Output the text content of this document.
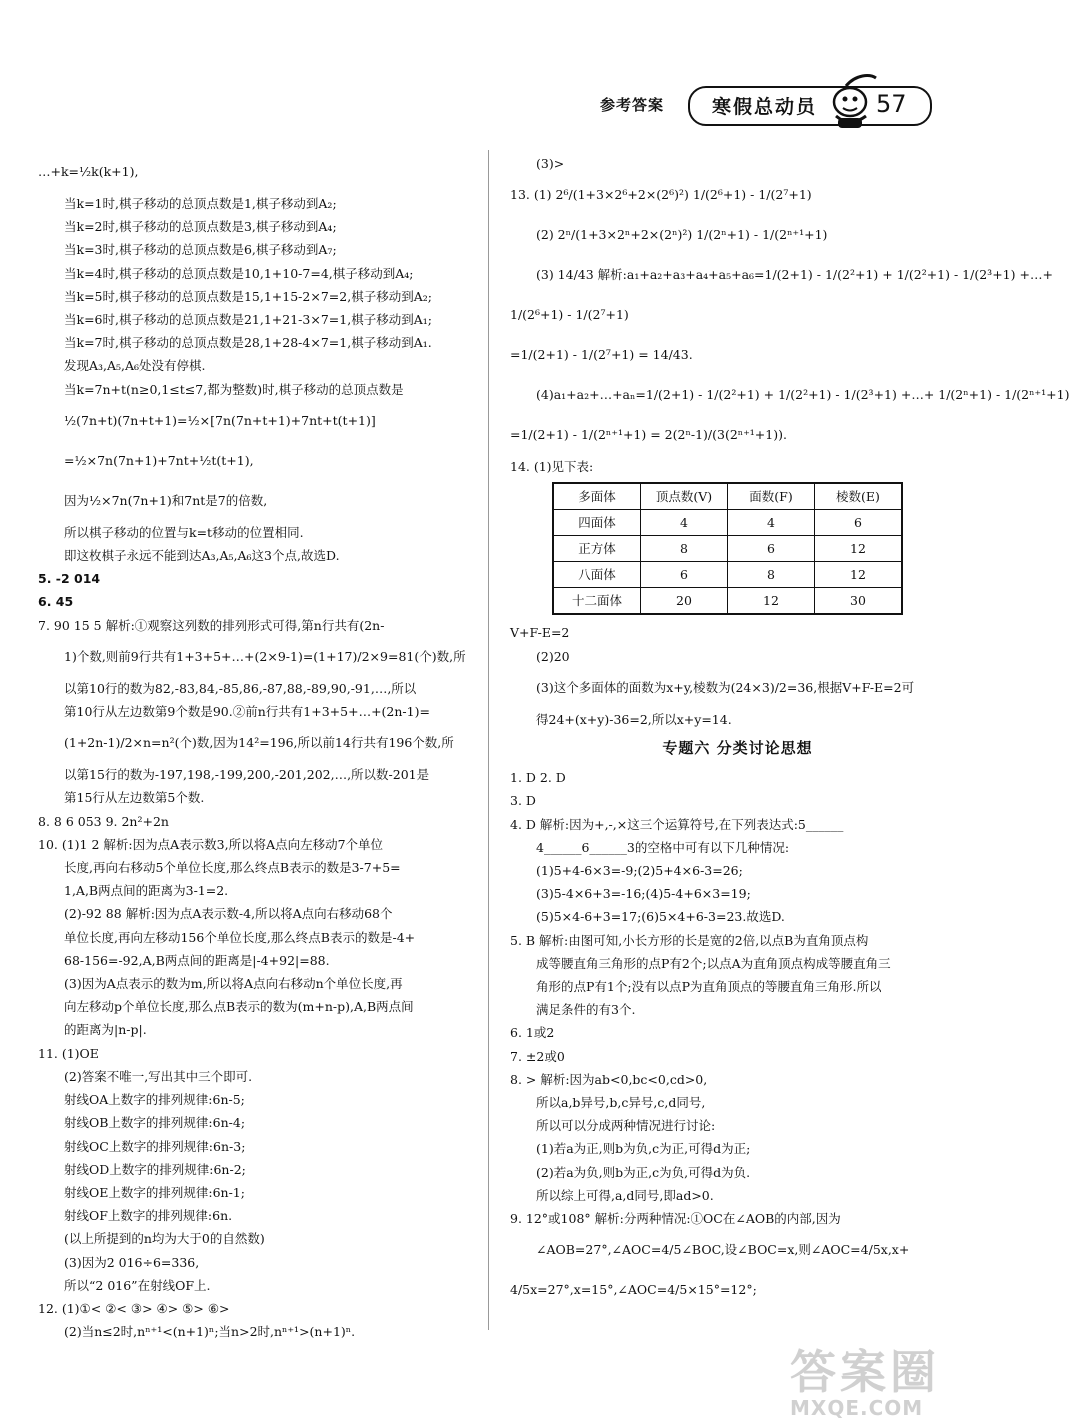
参考答案	寒假总动员 57
…+k=½k(k+1),
当k=1时,棋子移动的总顶点数是1,棋子移动到A₂;
当k=2时,棋子移动的总顶点数是3,棋子移动到A₄;
当k=3时,棋子移动的总顶点数是6,棋子移动到A₇;
当k=4时,棋子移动的总顶点数是10,1+10-7=4,棋子移动到A₄;
当k=5时,棋子移动的总顶点数是15,1+15-2×7=2,棋子移动到A₂;
当k=6时,棋子移动的总顶点数是21,1+21-3×7=1,棋子移动到A₁;
当k=7时,棋子移动的总顶点数是28,1+28-4×7=1,棋子移动到A₁.
发现A₃,A₅,A₆处没有停棋.
当k=7n+t(n≥0,1≤t≤7,都为整数)时,棋子移动的总顶点数是
½(7n+t)(7n+t+1)=½×[7n(7n+t+1)+7nt+t(t+1)]
=½×7n(7n+1)+7nt+½t(t+1),
因为½×7n(7n+1)和7nt是7的倍数,
所以棋子移动的位置与k=t移动的位置相同.
即这枚棋子永远不能到达A₃,A₅,A₆这3个点,故选D.
5. -2 014
6. 45
7. 90 15 5 解析:①观察这列数的排列形式可得,第n行共有(2n-
1)个数,则前9行共有1+3+5+…+(2×9-1)=(1+17)/2×9=81(个)数,所
以第10行的数为82,-83,84,-85,86,-87,88,-89,90,-91,…,所以
第10行从左边数第9个数是90.②前n行共有1+3+5+…+(2n-1)=
(1+2n-1)/2×n=n²(个)数,因为14²=196,所以前14行共有196个数,所
以第15行的数为-197,198,-199,200,-201,202,…,所以数-201是
第15行从左边数第5个数.
8. 8 6 053 9. 2n²+2n
10. (1)1 2 解析:因为点A表示数3,所以将A点向左移动7个单位
长度,再向右移动5个单位长度,那么终点B表示的数是3-7+5=
1,A,B两点间的距离为3-1=2.
(2)-92 88 解析:因为点A表示数-4,所以将A点向右移动68个
单位长度,再向左移动156个单位长度,那么终点B表示的数是-4+
68-156=-92,A,B两点间的距离是|-4+92|=88.
(3)因为A点表示的数为m,所以将A点向右移动n个单位长度,再
向左移动p个单位长度,那么点B表示的数为(m+n-p),A,B两点间
的距离为|n-p|.
11. (1)OE
(2)答案不唯一,写出其中三个即可.
射线OA上数字的排列规律:6n-5;
射线OB上数字的排列规律:6n-4;
射线OC上数字的排列规律:6n-3;
射线OD上数字的排列规律:6n-2;
射线OE上数字的排列规律:6n-1;
射线OF上数字的排列规律:6n.
(以上所提到的n均为大于0的自然数)
(3)因为2 016÷6=336,
所以“2 016”在射线OF上.
12. (1)①< ②< ③> ④> ⑤> ⑥>
(2)当n≤2时,nⁿ⁺¹<(n+1)ⁿ;当n>2时,nⁿ⁺¹>(n+1)ⁿ.
(3)>
13. (1) 2⁶/(1+3×2⁶+2×(2⁶)²) 1/(2⁶+1) - 1/(2⁷+1)
(2) 2ⁿ/(1+3×2ⁿ+2×(2ⁿ)²) 1/(2ⁿ+1) - 1/(2ⁿ⁺¹+1)
(3) 14/43 解析:a₁+a₂+a₃+a₄+a₅+a₆=1/(2+1) - 1/(2²+1) + 1/(2²+1) - 1/(2³+1) +…+
1/(2⁶+1) - 1/(2⁷+1)
=1/(2+1) - 1/(2⁷+1) = 14/43.
(4)a₁+a₂+…+aₙ=1/(2+1) - 1/(2²+1) + 1/(2²+1) - 1/(2³+1) +…+ 1/(2ⁿ+1) - 1/(2ⁿ⁺¹+1)
=1/(2+1) - 1/(2ⁿ⁺¹+1) = 2(2ⁿ-1)/(3(2ⁿ⁺¹+1)).
14. (1)见下表:
多面体	顶点数(V)	面数(F)	棱数(E)
四面体	4	4	6
正方体	8	6	12
八面体	6	8	12
十二面体	20	12	30
V+F-E=2
(2)20
(3)这个多面体的面数为x+y,棱数为(24×3)/2=36,根据V+F-E=2可
得24+(x+y)-36=2,所以x+y=14.
专题六 分类讨论思想
1. D 2. D
3. D
4. D 解析:因为+,-,×这三个运算符号,在下列表达式:5______
4______6______3的空格中可有以下几种情况:
(1)5+4-6×3=-9;(2)5+4×6-3=26;
(3)5-4×6+3=-16;(4)5-4+6×3=19;
(5)5×4-6+3=17;(6)5×4+6-3=23.故选D.
5. B 解析:由图可知,小长方形的长是宽的2倍,以点B为直角顶点构
成等腰直角三角形的点P有2个;以点A为直角顶点构成等腰直角三
角形的点P有1个;没有以点P为直角顶点的等腰直角三角形.所以
满足条件的有3个.
6. 1或2
7. ±2或0
8. > 解析:因为ab<0,bc<0,cd>0,
所以a,b异号,b,c异号,c,d同号,
所以可以分成两种情况进行讨论:
(1)若a为正,则b为负,c为正,可得d为正;
(2)若a为负,则b为正,c为负,可得d为负.
所以综上可得,a,d同号,即ad>0.
9. 12°或108° 解析:分两种情况:①OC在∠AOB的内部,因为
∠AOB=27°,∠AOC=4/5∠BOC,设∠BOC=x,则∠AOC=4/5x,x+
4/5x=27°,x=15°,∠AOC=4/5×15°=12°;
答案圈
MXQE.COM
